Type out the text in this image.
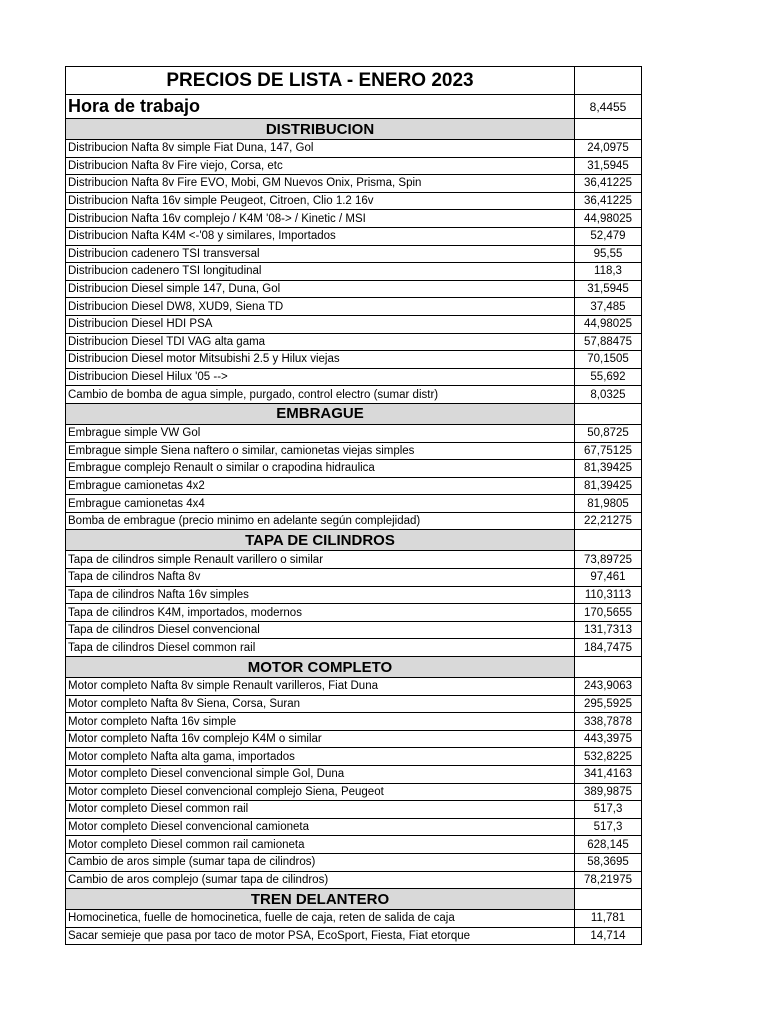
PRECIOS DE LISTA - ENERO 2023	
Hora de trabajo	8,4455
DISTRIBUCION	
Distribucion Nafta 8v simple Fiat Duna, 147, Gol	24,0975
Distribucion Nafta 8v Fire viejo, Corsa, etc	31,5945
Distribucion Nafta 8v Fire EVO, Mobi, GM Nuevos Onix, Prisma, Spin	36,41225
Distribucion Nafta 16v simple Peugeot, Citroen, Clio 1.2 16v	36,41225
Distribucion Nafta 16v complejo / K4M '08-> / Kinetic / MSI	44,98025
Distribucion Nafta K4M <-'08 y similares, Importados	52,479
Distribucion cadenero TSI transversal	95,55
Distribucion cadenero TSI longitudinal	118,3
Distribucion Diesel simple 147, Duna, Gol	31,5945
Distribucion Diesel DW8, XUD9, Siena TD	37,485
Distribucion Diesel HDI PSA	44,98025
Distribucion Diesel TDI VAG alta gama	57,88475
Distribucion Diesel motor Mitsubishi 2.5 y Hilux viejas	70,1505
Distribucion Diesel Hilux '05 -->	55,692
Cambio de bomba de agua simple, purgado, control electro (sumar distr)	8,0325
EMBRAGUE	
Embrague simple VW Gol	50,8725
Embrague simple Siena naftero o similar, camionetas viejas simples	67,75125
Embrague complejo Renault o similar o crapodina hidraulica	81,39425
Embrague camionetas 4x2	81,39425
Embrague camionetas 4x4	81,9805
Bomba de embrague (precio minimo en adelante según complejidad)	22,21275
TAPA DE CILINDROS	
Tapa de cilindros simple Renault varillero o similar	73,89725
Tapa de cilindros Nafta 8v	97,461
Tapa de cilindros Nafta 16v simples	110,3113
Tapa de cilindros K4M, importados, modernos	170,5655
Tapa de cilindros Diesel convencional	131,7313
Tapa de cilindros Diesel common rail	184,7475
MOTOR COMPLETO	
Motor completo Nafta 8v simple Renault varilleros, Fiat Duna	243,9063
Motor completo Nafta 8v Siena, Corsa, Suran	295,5925
Motor completo Nafta 16v simple	338,7878
Motor completo Nafta 16v complejo K4M o similar	443,3975
Motor completo Nafta alta gama, importados	532,8225
Motor completo Diesel convencional simple Gol, Duna	341,4163
Motor completo Diesel convencional complejo Siena, Peugeot	389,9875
Motor completo Diesel common rail	517,3
Motor completo Diesel convencional camioneta	517,3
Motor completo Diesel common rail camioneta	628,145
Cambio de aros simple (sumar tapa de cilindros)	58,3695
Cambio de aros complejo (sumar tapa de cilindros)	78,21975
TREN DELANTERO	
Homocinetica, fuelle de homocinetica, fuelle de caja, reten de salida de caja	11,781
Sacar semieje que pasa por taco de motor PSA, EcoSport, Fiesta, Fiat etorque	14,714
